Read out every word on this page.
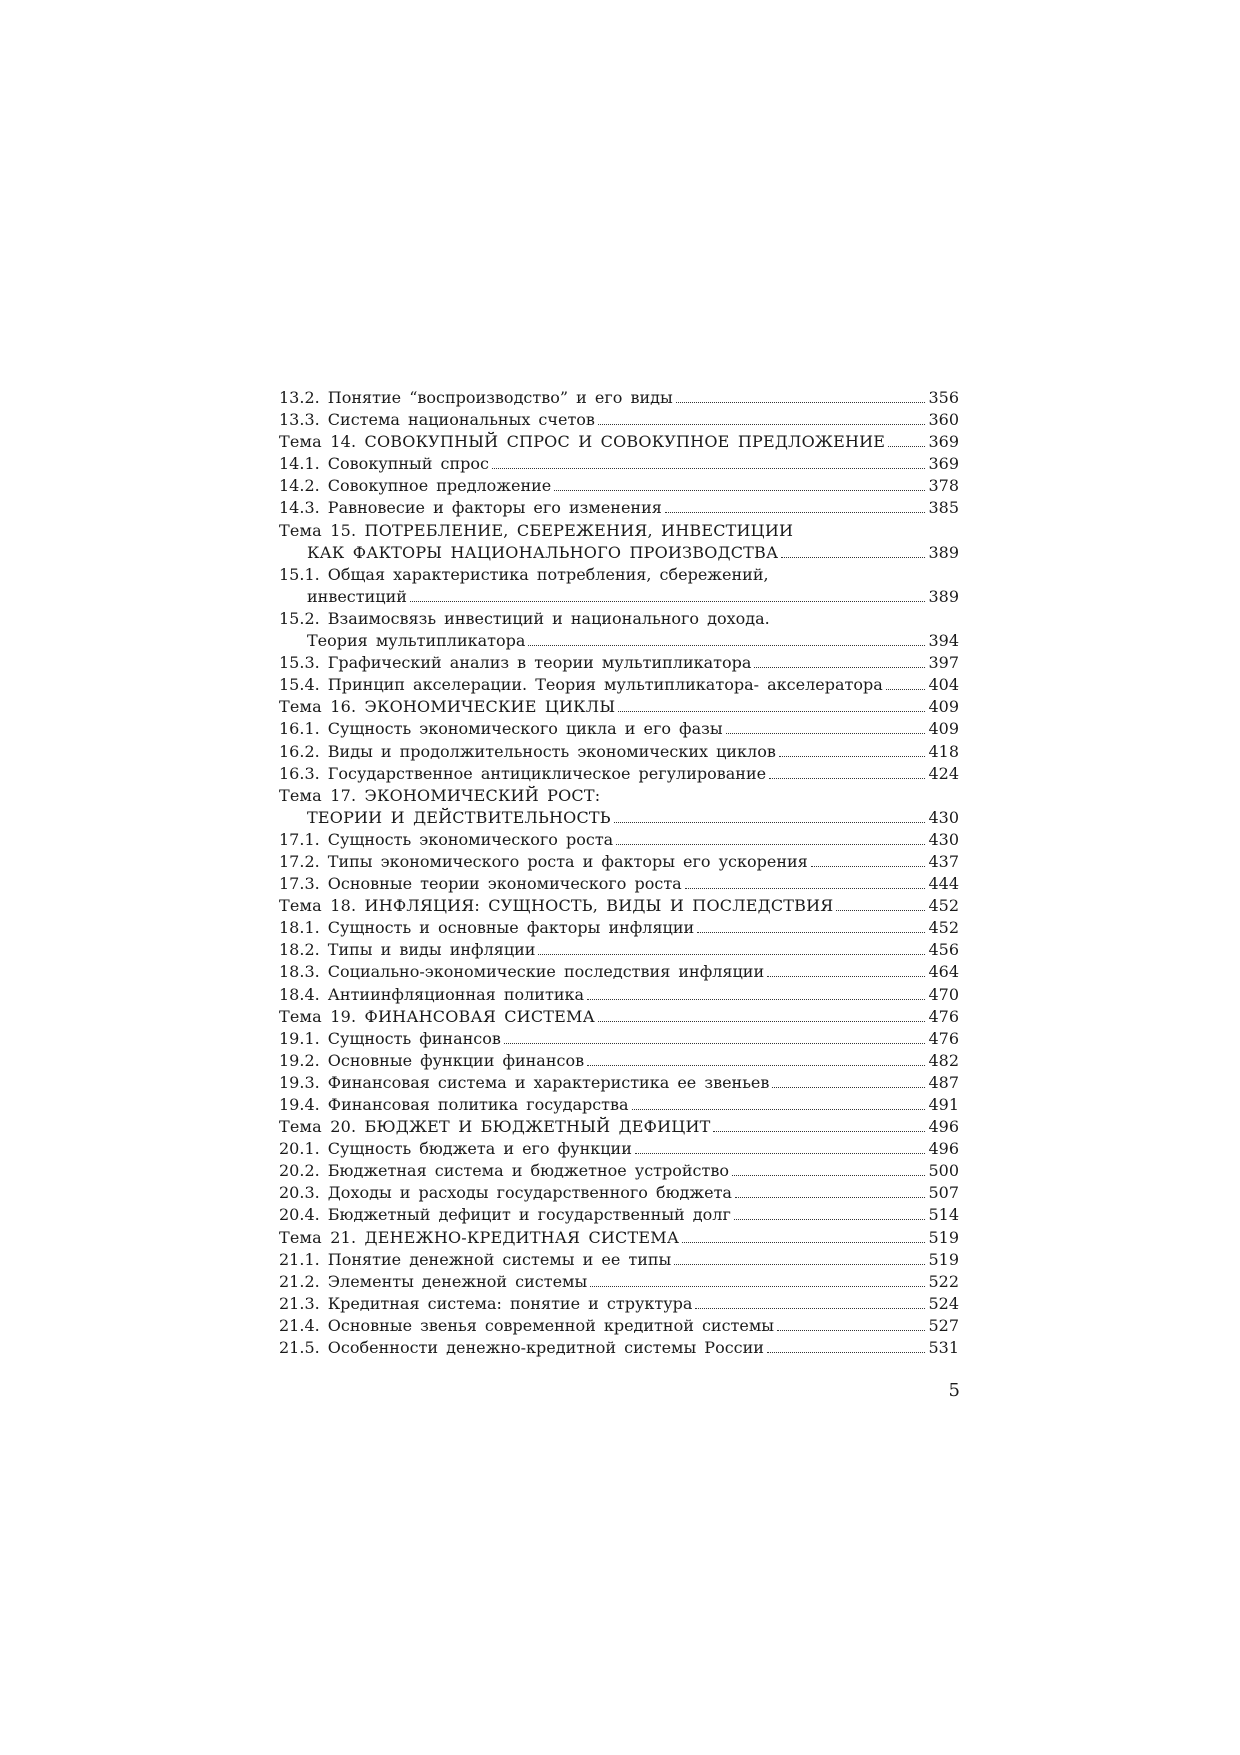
13.2. Понятие “воспроизводство” и его виды	356
13.3. Система национальных счетов	360
Тема 14. СОВОКУПНЫЙ СПРОС И СОВОКУПНОЕ ПРЕДЛОЖЕНИЕ	369
14.1. Совокупный спрос	369
14.2. Совокупное предложение	378
14.3. Равновесие и факторы его изменения	385
Тема 15. ПОТРЕБЛЕНИЕ, СБЕРЕЖЕНИЯ, ИНВЕСТИЦИИ
КАК ФАКТОРЫ НАЦИОНАЛЬНОГО ПРОИЗВОДСТВА	389
15.1. Общая характеристика потребления, сбережений,
инвестиций	389
15.2. Взаимосвязь инвестиций и национального дохода.
Теория мультипликатора	394
15.3. Графический анализ в теории мультипликатора	397
15.4. Принцип акселерации. Теория мультипликатора- акселератора	404
Тема 16. ЭКОНОМИЧЕСКИЕ ЦИКЛЫ	409
16.1. Сущность экономического цикла и его фазы	409
16.2. Виды и продолжительность экономических циклов	418
16.3. Государственное антициклическое регулирование	424
Тема 17. ЭКОНОМИЧЕСКИЙ РОСТ:
ТЕОРИИ И ДЕЙСТВИТЕЛЬНОСТЬ	430
17.1. Сущность экономического роста	430
17.2. Типы экономического роста и факторы его ускорения	437
17.3. Основные теории экономического роста	444
Тема 18. ИНФЛЯЦИЯ: СУЩНОСТЬ, ВИДЫ И ПОСЛЕДСТВИЯ	452
18.1. Сущность и основные факторы инфляции	452
18.2. Типы и виды инфляции	456
18.3. Социально-экономические последствия инфляции	464
18.4. Антиинфляционная политика	470
Тема 19. ФИНАНСОВАЯ СИСТЕМА	476
19.1. Сущность финансов	476
19.2. Основные функции финансов	482
19.3. Финансовая система и характеристика ее звеньев	487
19.4. Финансовая политика государства	491
Тема 20. БЮДЖЕТ И БЮДЖЕТНЫЙ ДЕФИЦИТ	496
20.1. Сущность бюджета и его функции	496
20.2. Бюджетная система и бюджетное устройство	500
20.3. Доходы и расходы государственного бюджета	507
20.4. Бюджетный дефицит и государственный долг	514
Тема 21. ДЕНЕЖНО-КРЕДИТНАЯ СИСТЕМА	519
21.1. Понятие денежной системы и ее типы	519
21.2. Элементы денежной системы	522
21.3. Кредитная система: понятие и структура	524
21.4. Основные звенья современной кредитной системы	527
21.5. Особенности денежно-кредитной системы России	531
5
